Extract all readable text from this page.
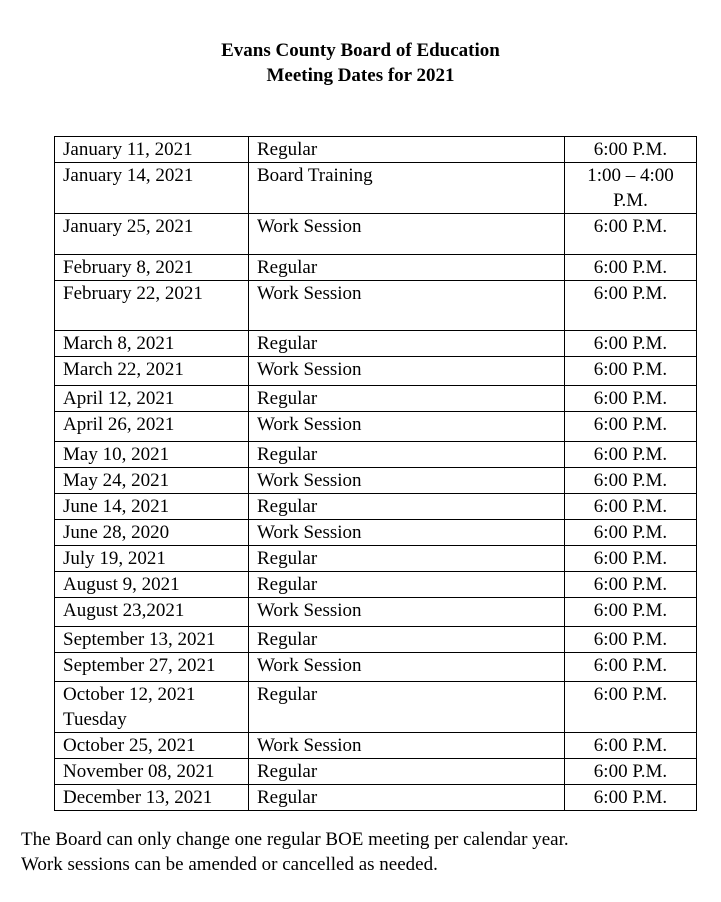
Evans County Board of Education
Meeting Dates for 2021
January 11, 2021	Regular	6:00 P.M.
January 14, 2021	Board Training	1:00 – 4:00 P.M.
January 25, 2021	Work Session	6:00 P.M.
February 8, 2021	Regular	6:00 P.M.
February 22, 2021	Work Session	6:00 P.M.
March 8, 2021	Regular	6:00 P.M.
March 22, 2021	Work Session	6:00 P.M.
April 12, 2021	Regular	6:00 P.M.
April 26, 2021	Work Session	6:00 P.M.
May 10, 2021	Regular	6:00 P.M.
May 24, 2021	Work Session	6:00 P.M.
June 14, 2021	Regular	6:00 P.M.
June 28, 2020	Work Session	6:00 P.M.
July 19, 2021	Regular	6:00 P.M.
August 9, 2021	Regular	6:00 P.M.
August 23,2021	Work Session	6:00 P.M.
September 13, 2021	Regular	6:00 P.M.
September 27, 2021	Work Session	6:00 P.M.

October 12, 2021
Tuesday	Regular	6:00 P.M.
October 25, 2021	Work Session	6:00 P.M.
November 08, 2021	Regular	6:00 P.M.
December 13, 2021	Regular	6:00 P.M.
The Board can only change one regular BOE meeting per calendar year.
Work sessions can be amended or cancelled as needed.
